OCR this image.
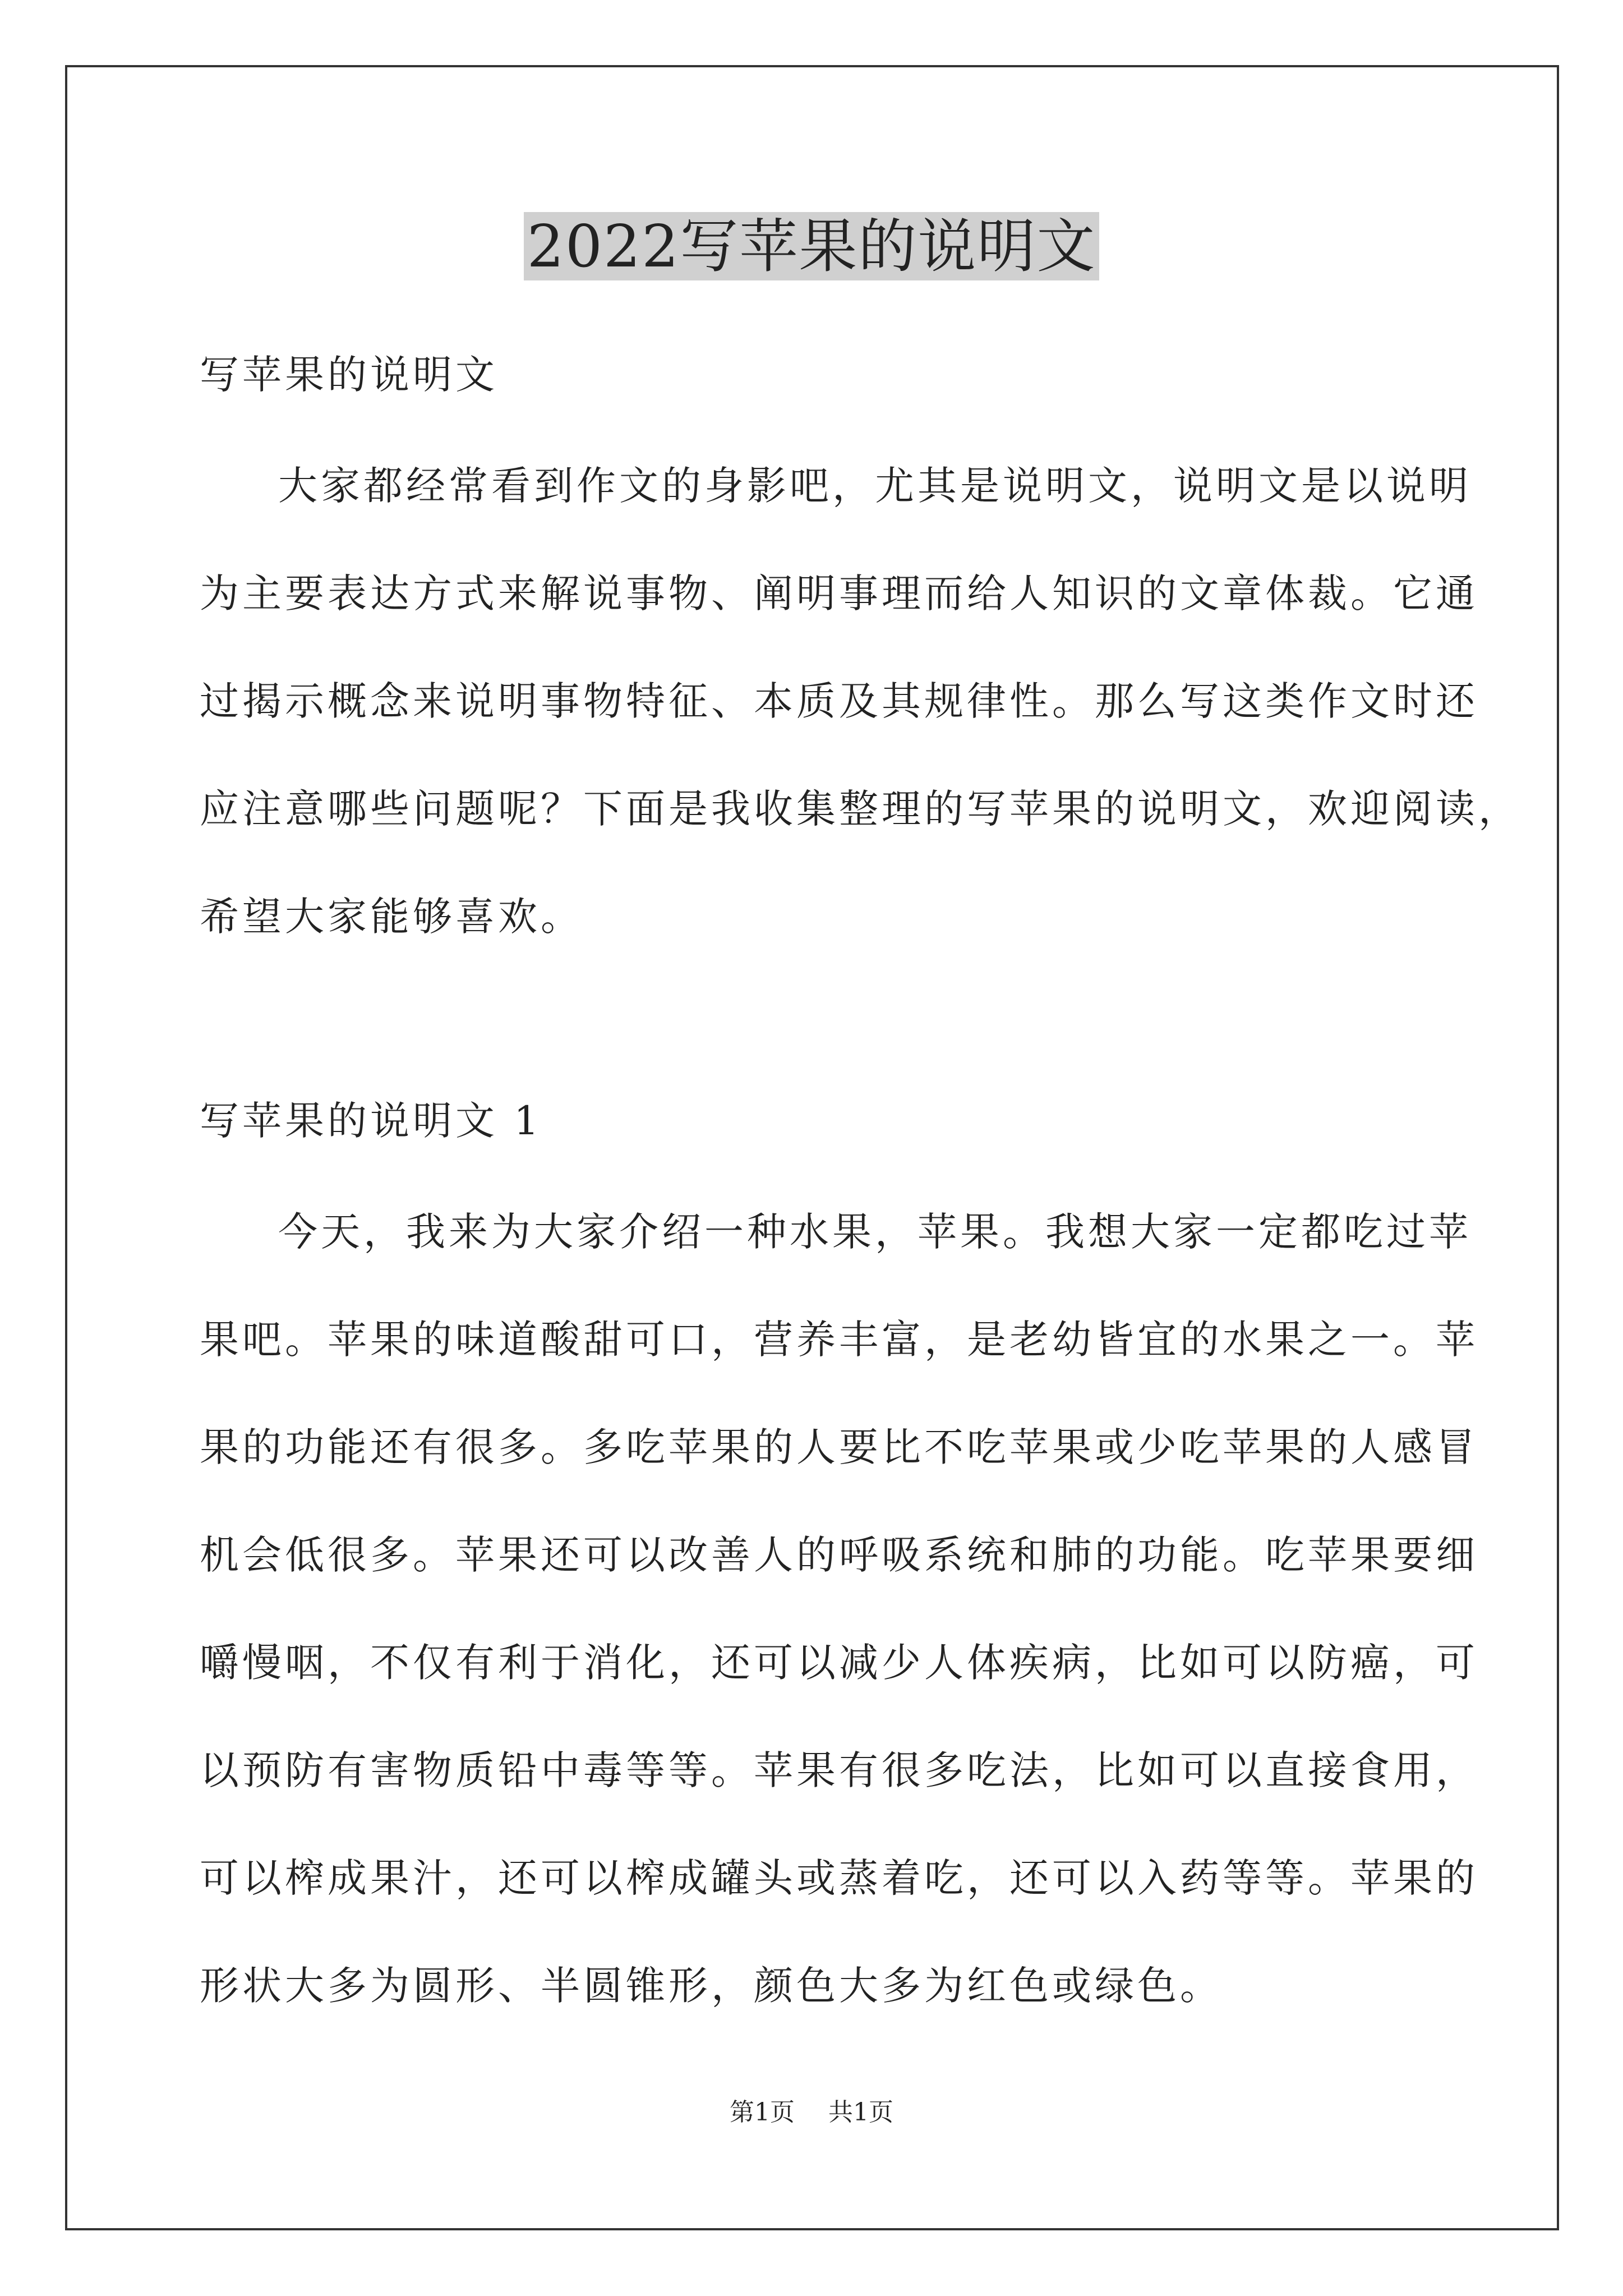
2022写苹果的说明文
写苹果的说明文
大家都经常看到作文的身影吧，尤其是说明文，说明文是以说明
为主要表达方式来解说事物、阐明事理而给人知识的文章体裁。它通
过揭示概念来说明事物特征、本质及其规律性。那么写这类作文时还
应注意哪些问题呢？下面是我收集整理的写苹果的说明文，欢迎阅读，
希望大家能够喜欢。
写苹果的说明文 1
今天，我来为大家介绍一种水果，苹果。我想大家一定都吃过苹
果吧。苹果的味道酸甜可口，营养丰富，是老幼皆宜的水果之一。苹
果的功能还有很多。多吃苹果的人要比不吃苹果或少吃苹果的人感冒
机会低很多。苹果还可以改善人的呼吸系统和肺的功能。吃苹果要细
嚼慢咽，不仅有利于消化，还可以减少人体疾病，比如可以防癌，可
以预防有害物质铅中毒等等。苹果有很多吃法，比如可以直接食用，
可以榨成果汁，还可以榨成罐头或蒸着吃，还可以入药等等。苹果的
形状大多为圆形、半圆锥形，颜色大多为红色或绿色。
第1页 共1页
